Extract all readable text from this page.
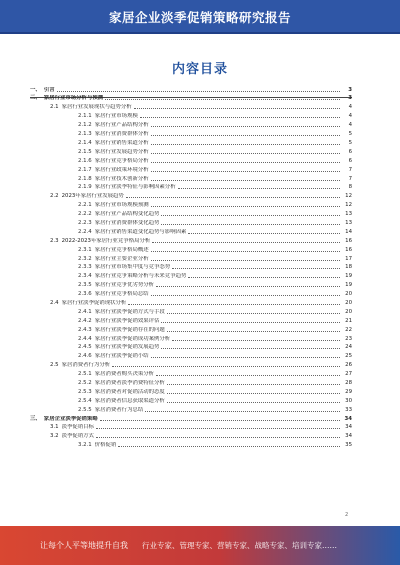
家居企业淡季促销策略研究报告
内容目录
一、 引言	3
二、 家居行业市场分析与预测	3
2.1 家居行业发展现状与趋势分析	4
2.1.1 家居行业市场规模	4
2.1.2 家居行业产品结构分析	4
2.1.3 家居行业消费群体分析	5
2.1.4 家居行业销售渠道分析	5
2.1.5 家居行业发展趋势分析	6
2.1.6 家居行业竞争格局分析	6
2.1.7 家居行业政策环境分析	7
2.1.8 家居行业技术创新分析	7
2.1.9 家居行业淡季特征与影响因素分析	8
2.2 2023年家居行业发展趋势	12
2.2.1 家居行业市场规模预测	12
2.2.2 家居行业产品结构变化趋势	13
2.2.3 家居行业消费群体变化趋势	13
2.2.4 家居行业销售渠道变化趋势与影响因素	14
2.3 2022-2023年家居行业竞争格局分析	16
2.3.1 家居行业竞争格局概述	16
2.3.2 家居行业主要企业分析	17
2.3.3 家居行业市场集中度与竞争态势	18
2.3.4 家居行业竞争策略分析与未来竞争趋势	19
2.3.5 家居行业竞争优劣势分析	19
2.3.6 家居行业竞争格局总结	20
2.4 家居行业淡季促销现状分析	20
2.4.1 家居行业淡季促销方式与手段	20
2.4.2 家居行业淡季促销效果评估	21
2.4.3 家居行业淡季促销存在的问题	22
2.4.4 家居行业淡季促销成功案例分析	23
2.4.5 家居行业淡季促销发展趋势	24
2.4.6 家居行业淡季促销小结	25
2.5 家居消费者行为分析	26
2.5.1 家居消费者购买决策分析	27
2.5.2 家居消费者淡季消费特征分析	28
2.5.3 家居消费者对促销活动的态度	29
2.5.4 家居消费者信息获取渠道分析	30
2.5.5 家居消费者行为总结	33
三、 家居企业淡季促销策略	34
3.1 淡季促销目标	34
3.2 淡季促销方式	34
3.2.1 价格促销	35
2
让每个人平等地提升自我 行业专家、管理专家、营销专家、战略专家、培训专家……
